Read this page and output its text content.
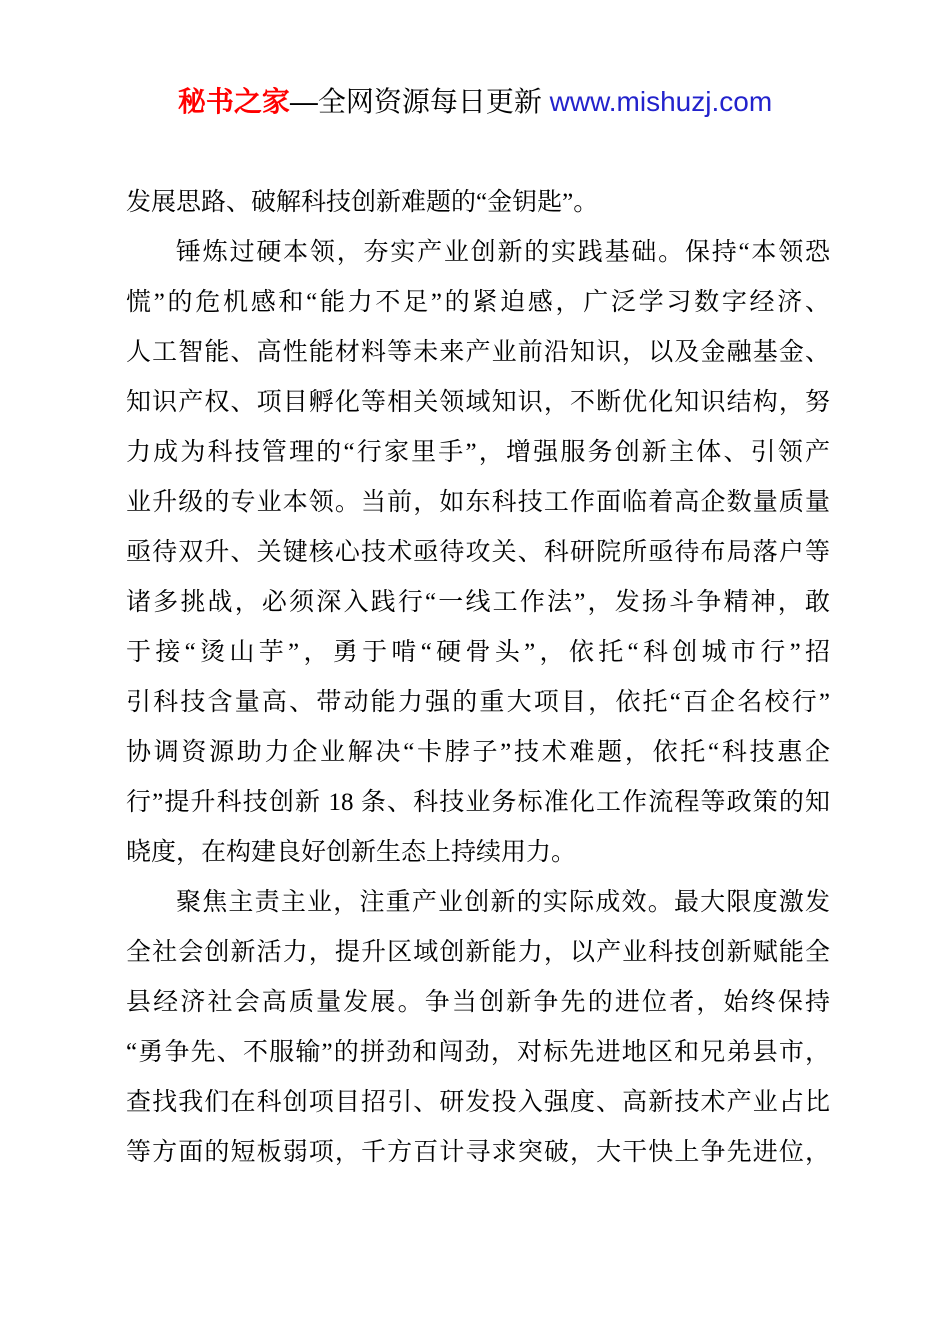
秘书之家—全网资源每日更新 www.mishuzj.com
发展思路、破解科技创新难题的“金钥匙”。
锤炼过硬本领，夯实产业创新的实践基础。保持“本领恐
慌”的危机感和“能力不足”的紧迫感，广泛学习数字经济、
人工智能、高性能材料等未来产业前沿知识，以及金融基金、
知识产权、项目孵化等相关领域知识，不断优化知识结构，努
力成为科技管理的“行家里手”，增强服务创新主体、引领产
业升级的专业本领。当前，如东科技工作面临着高企数量质量
亟待双升、关键核心技术亟待攻关、科研院所亟待布局落户等
诸多挑战，必须深入践行“一线工作法”，发扬斗争精神，敢
于接“烫山芋”，勇于啃“硬骨头”，依托“科创城市行”招
引科技含量高、带动能力强的重大项目，依托“百企名校行”
协调资源助力企业解决“卡脖子”技术难题，依托“科技惠企
行”提升科技创新 18 条、科技业务标准化工作流程等政策的知
晓度，在构建良好创新生态上持续用力。
聚焦主责主业，注重产业创新的实际成效。最大限度激发
全社会创新活力，提升区域创新能力，以产业科技创新赋能全
县经济社会高质量发展。争当创新争先的进位者，始终保持
“勇争先、不服输”的拼劲和闯劲，对标先进地区和兄弟县市，
查找我们在科创项目招引、研发投入强度、高新技术产业占比
等方面的短板弱项，千方百计寻求突破，大干快上争先进位，
